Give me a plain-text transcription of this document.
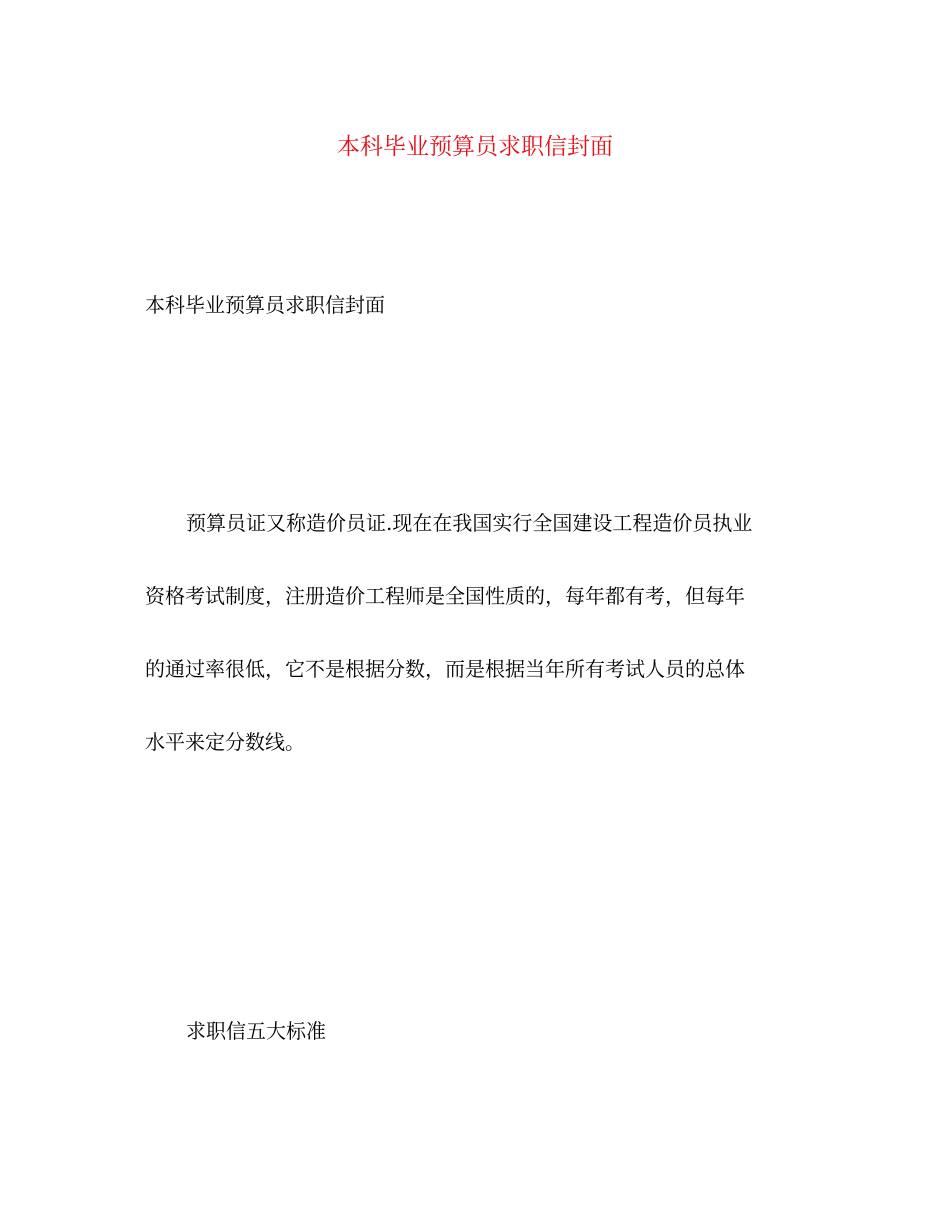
本科毕业预算员求职信封面
本科毕业预算员求职信封面
预算员证又称造价员证.现在在我国实行全国建设工程造价员执业
资格考试制度，注册造价工程师是全国性质的，每年都有考，但每年
的通过率很低，它不是根据分数，而是根据当年所有考试人员的总体
水平来定分数线。
求职信五大标准
